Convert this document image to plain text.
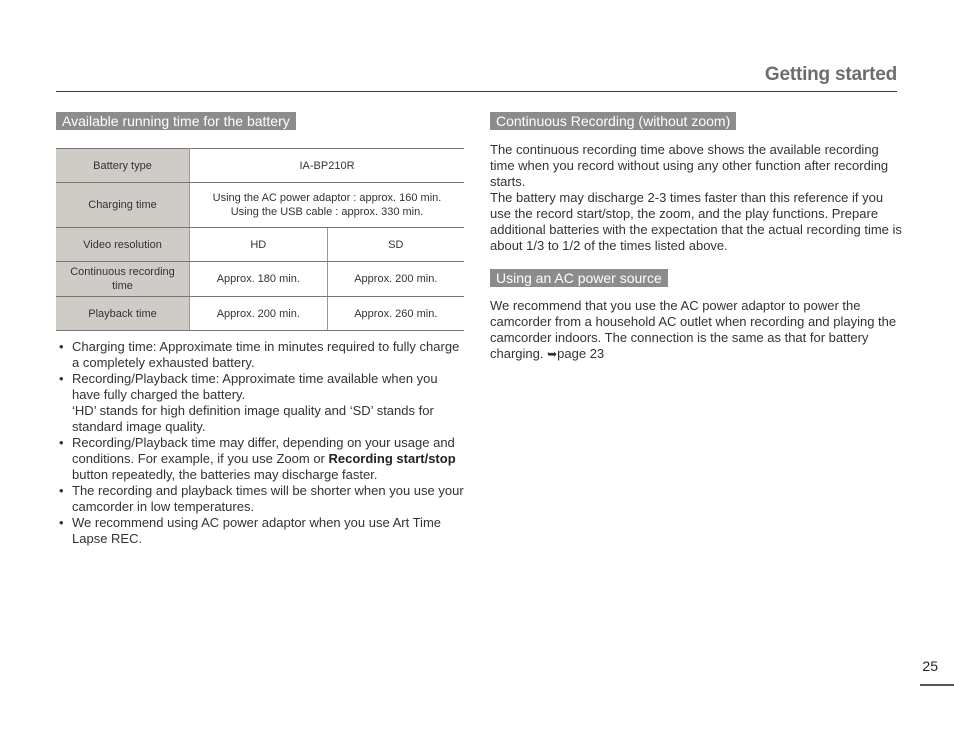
Getting started
Available running time for the battery
Battery type	IA-BP210R	
Charging time	Using the AC power adaptor : approx. 160 min.
Using the USB cable : approx. 330 min.	

Video resolution	HD	SD
Continuous recording time	Approx. 180 min.	Approx. 200 min.
Playback time	Approx. 200 min.	Approx. 260 min.
• Charging time: Approximate time in minutes required to fully charge a completely exhausted battery.
• Recording/Playback time: Approximate time available when you have fully charged the battery.
‘HD’ stands for high definition image quality and ‘SD’ stands for standard image quality.
• Recording/Playback time may differ, depending on your usage and conditions. For example, if you use Zoom or Recording start/stop button repeatedly, the batteries may discharge faster.
• The recording and playback times will be shorter when you use your camcorder in low temperatures.
• We recommend using AC power adaptor when you use Art Time Lapse REC.
Continuous Recording (without zoom)
The continuous recording time above shows the available recording time when you record without using any other function after recording starts.
The battery may discharge 2-3 times faster than this reference if you use the record start/stop, the zoom, and the play functions. Prepare additional batteries with the expectation that the actual recording time is about 1/3 to 1/2 of the times listed above.
Using an AC power source
We recommend that you use the AC power adaptor to power the camcorder from a household AC outlet when recording and playing the camcorder indoors. The connection is the same as that for battery charging. ➥page 23
25
